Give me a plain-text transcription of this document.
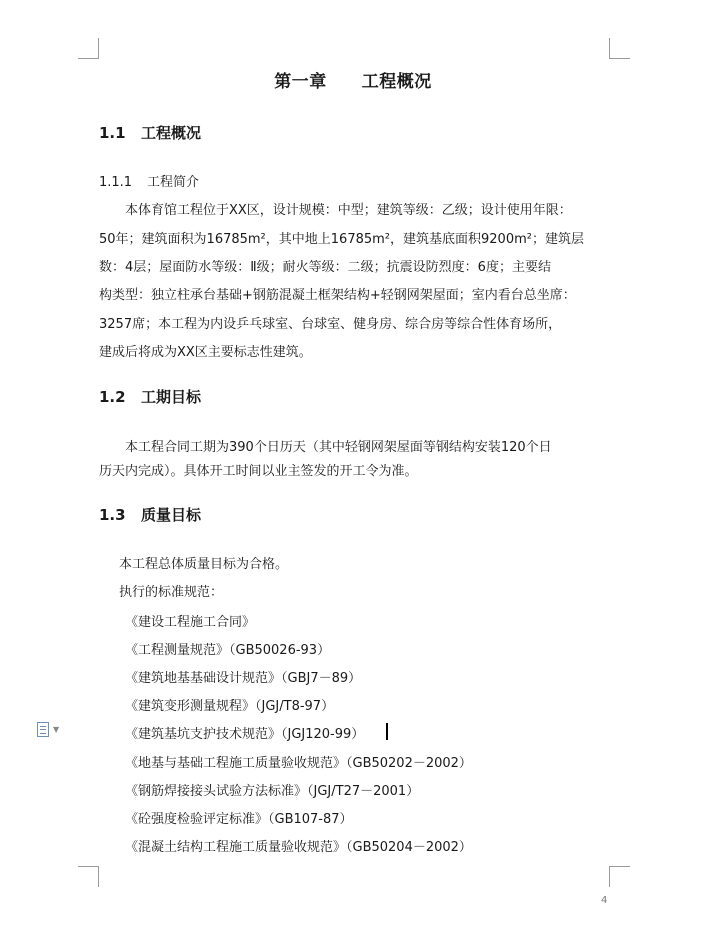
第一章　　工程概况
1.1 工程概况
1.1.1 工程简介
　　本体育馆工程位于XX区，设计规模：中型；建筑等级：乙级；设计使用年限：
50年；建筑面积为16785m²，其中地上16785m²，建筑基底面积9200m²；建筑层
数：4层；屋面防水等级：Ⅱ级；耐火等级：二级；抗震设防烈度：6度；主要结
构类型：独立柱承台基础+钢筋混凝土框架结构+轻钢网架屋面；室内看台总坐席：
3257席；本工程为内设乒乓球室、台球室、健身房、综合房等综合性体育场所，
建成后将成为XX区主要标志性建筑。
1.2 工期目标
　　本工程合同工期为390个日历天（其中轻钢网架屋面等钢结构安装120个日
历天内完成）。具体开工时间以业主签发的开工令为准。
1.3 质量目标
本工程总体质量目标为合格。
执行的标准规范：
《建设工程施工合同》
《工程测量规范》（GB50026-93）
《建筑地基基础设计规范》（GBJ7－89）
《建筑变形测量规程》（JGJ/T8-97）
《建筑基坑支护技术规范》（JGJ120-99）
《地基与基础工程施工质量验收规范》（GB50202－2002）
《钢筋焊接接头试验方法标准》（JGJ/T27－2001）
《砼强度检验评定标准》（GB107-87）
《混凝土结构工程施工质量验收规范》（GB50204－2002）
▼
4
